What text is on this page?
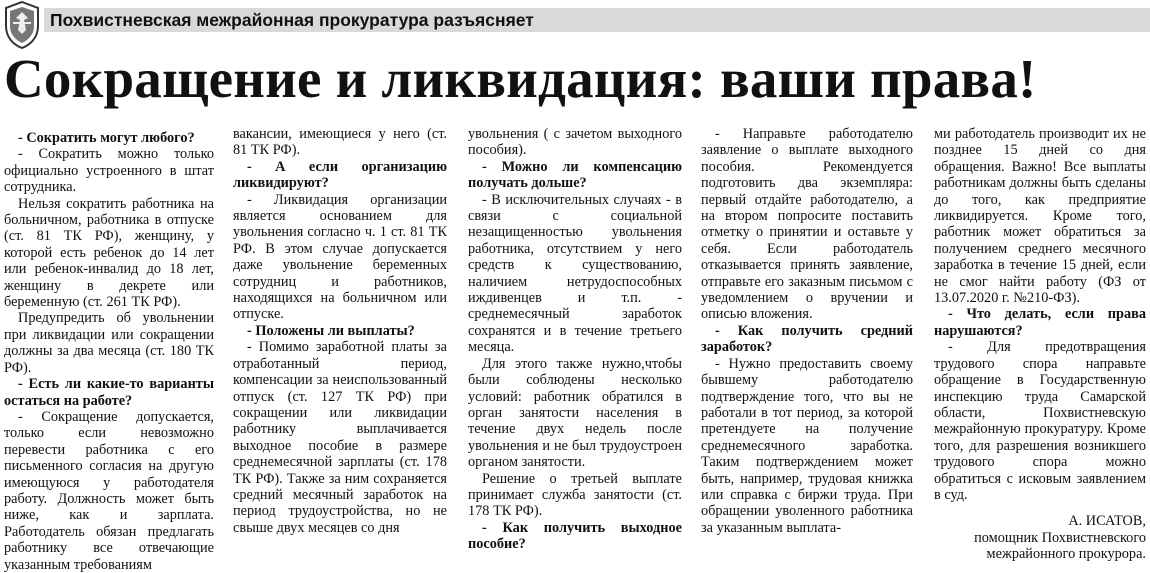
Похвистневская межрайонная прокуратура разъясняет
Сокращение и ликвидация: ваши права!

- Сократить могут любого?

- Сократить можно только официально устроенного в штат сотрудника.

Нельзя сократить работника на больничном, работника в отпуске (ст. 81 ТК РФ), женщину, у которой есть ребенок до 14 лет или ребенок-инвалид до 18 лет, женщину в декрете или беременную (ст. 261 ТК РФ).

Предупредить об увольнении при ликвидации или сокращении должны за два месяца (ст. 180 ТК РФ).

- Есть ли какие-то варианты остаться на работе?

- Сокращение допускается, только если невозможно перевести работника с его письменного согласия на другую имеющуюся у работодателя работу. Должность может быть ниже, как и зарплата. Работодатель обязан предлагать работнику все отвечающие указанным требованиям

вакансии, имеющиеся у него (ст. 81 ТК РФ).

- А если организацию ликвидируют?

- Ликвидация организации является основанием для увольнения согласно ч. 1 ст. 81 ТК РФ. В этом случае допускается даже увольнение беременных сотрудниц и работников, находящихся на больничном или отпуске.

- Положены ли выплаты?

- Помимо заработной платы за отработанный период, компенсации за неиспользованный отпуск (ст. 127 ТК РФ) при сокращении или ликвидации работнику выплачивается выходное пособие в размере среднемесячной зарплаты (ст. 178 ТК РФ). Также за ним сохраняется средний месячный заработок на период трудоустройства, но не свыше двух месяцев со дня

увольнения ( с зачетом выходного пособия).

- Можно ли компенсацию получать дольше?

- В исключительных случаях - в связи с социальной незащищенностью увольнения работника, отсутствием у него средств к существованию, наличием нетрудоспособных иждивенцев и т.п. - среднемесячный заработок сохранятся и в течение третьего месяца.

Для этого также нужно,чтобы были соблюдены несколько условий: работник обратился в орган занятости населения в течение двух недель после увольнения и не был трудоустроен органом занятости.

Решение о третьей выплате принимает служба занятости (ст. 178 ТК РФ).

- Как получить выходное пособие?

- Направьте работодателю заявление о выплате выходного пособия. Рекомендуется подготовить два экземпляра: первый отдайте работодателю, а на втором попросите поставить отметку о принятии и оставьте у себя. Если работодатель отказывается принять заявление, отправьте его заказным письмом с уведомлением о вручении и описью вложения.

- Как получить средний заработок?

- Нужно предоставить своему бывшему работодателю подтверждение того, что вы не работали в тот период, за которой претендуете на получение среднемесячного заработка. Таким подтверждением может быть, например, трудовая книжка или справка с биржи труда. При обращении уволенного работника за указанным выплата-

ми работодатель производит их не позднее 15 дней со дня обращения. Важно! Все выплаты работникам должны быть сделаны до того, как предприятие ликвидируется. Кроме того, работник может обратиться за получением среднего месячного заработка в течение 15 дней, если не смог найти работу (ФЗ от 13.07.2020 г. №210-ФЗ).

- Что делать, если права нарушаются?

- Для предотвращения трудового спора направьте обращение в Государственную инспекцию труда Самарской области, Похвистневскую межрайонную прокуратуру. Кроме того, для разрешения возникшего трудового спора можно обратиться с исковым заявлением в суд.

А. ИСАТОВ,

помощник Похвистневского

межрайонного прокурора.
